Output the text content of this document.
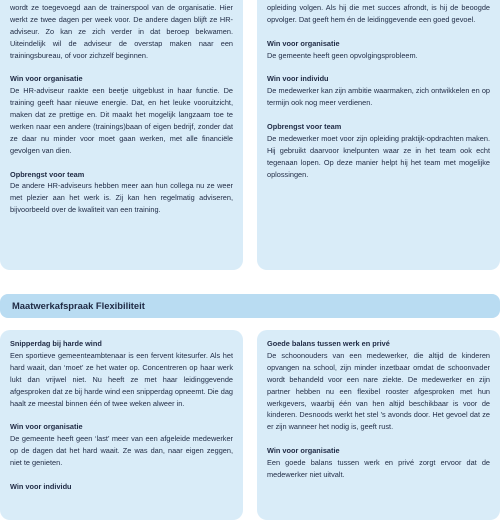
wordt ze toegevoegd aan de trainerspool van de organisatie. Hier werkt ze twee dagen per week voor. De andere dagen blijft ze HR-adviseur. Zo kan ze zich verder in dat beroep bekwamen. Uiteindelijk wil de adviseur de overstap maken naar een trainingsbureau, of voor zichzelf beginnen.

Win voor organisatie

De HR-adviseur raakte een beetje uitgeblust in haar functie. De training geeft haar nieuwe energie. Dat, en het leuke vooruitzicht, maken dat ze prettige en. Dit maakt het mogelijk langzaam toe te werken naar een andere (trainings)baan of eigen bedrijf, zonder dat ze daar nu minder voor moet gaan werken, met alle financiële gevolgen van dien.

Opbrengst voor team

De andere HR-adviseurs hebben meer aan hun collega nu ze weer met plezier aan het werk is. Zij kan hen regelmatig adviseren, bijvoorbeeld over de kwaliteit van een training.

opleiding volgen. Als hij die met succes afrondt, is hij de beoogde opvolger. Dat geeft hem én de leidinggevende een goed gevoel.

Win voor organisatie

De gemeente heeft geen opvolgingsprobleem.

Win voor individu

De medewerker kan zijn ambitie waarmaken, zich ontwikkelen en op termijn ook nog meer verdienen.

Opbrengst voor team

De medewerker moet voor zijn opleiding praktijk-opdrachten maken. Hij gebruikt daarvoor knelpunten waar ze in het team ook echt tegenaan lopen. Op deze manier helpt hij het team met mogelijke oplossingen.

Maatwerkafspraak Flexibiliteit
Snipperdag bij harde wind

Een sportieve gemeenteambtenaar is een fervent kitesurfer. Als het hard waait, dan ‘moet’ ze het water op. Concentreren op haar werk lukt dan vrijwel niet. Nu heeft ze met haar leidinggevende afgesproken dat ze bij harde wind een snipperdag opneemt. Die dag haalt ze meestal binnen één of twee weken alweer in.

Win voor organisatie

De gemeente heeft geen ‘last’ meer van een afgeleide medewerker op de dagen dat het hard waait. Ze was dan, naar eigen zeggen, niet te genieten.

Win voor individu
Goede balans tussen werk en privé

De schoonouders van een medewerker, die altijd de kinderen opvangen na school, zijn minder inzetbaar omdat de schoonvader wordt behandeld voor een nare ziekte. De medewerker en zijn partner hebben nu een flexibel rooster afgesproken met hun werkgevers, waarbij één van hen altijd beschikbaar is voor de kinderen. Desnoods werkt het stel ’s avonds door. Het gevoel dat ze er zijn wanneer het nodig is, geeft rust.

Win voor organisatie

Een goede balans tussen werk en privé zorgt ervoor dat de medewerker niet uitvalt.
